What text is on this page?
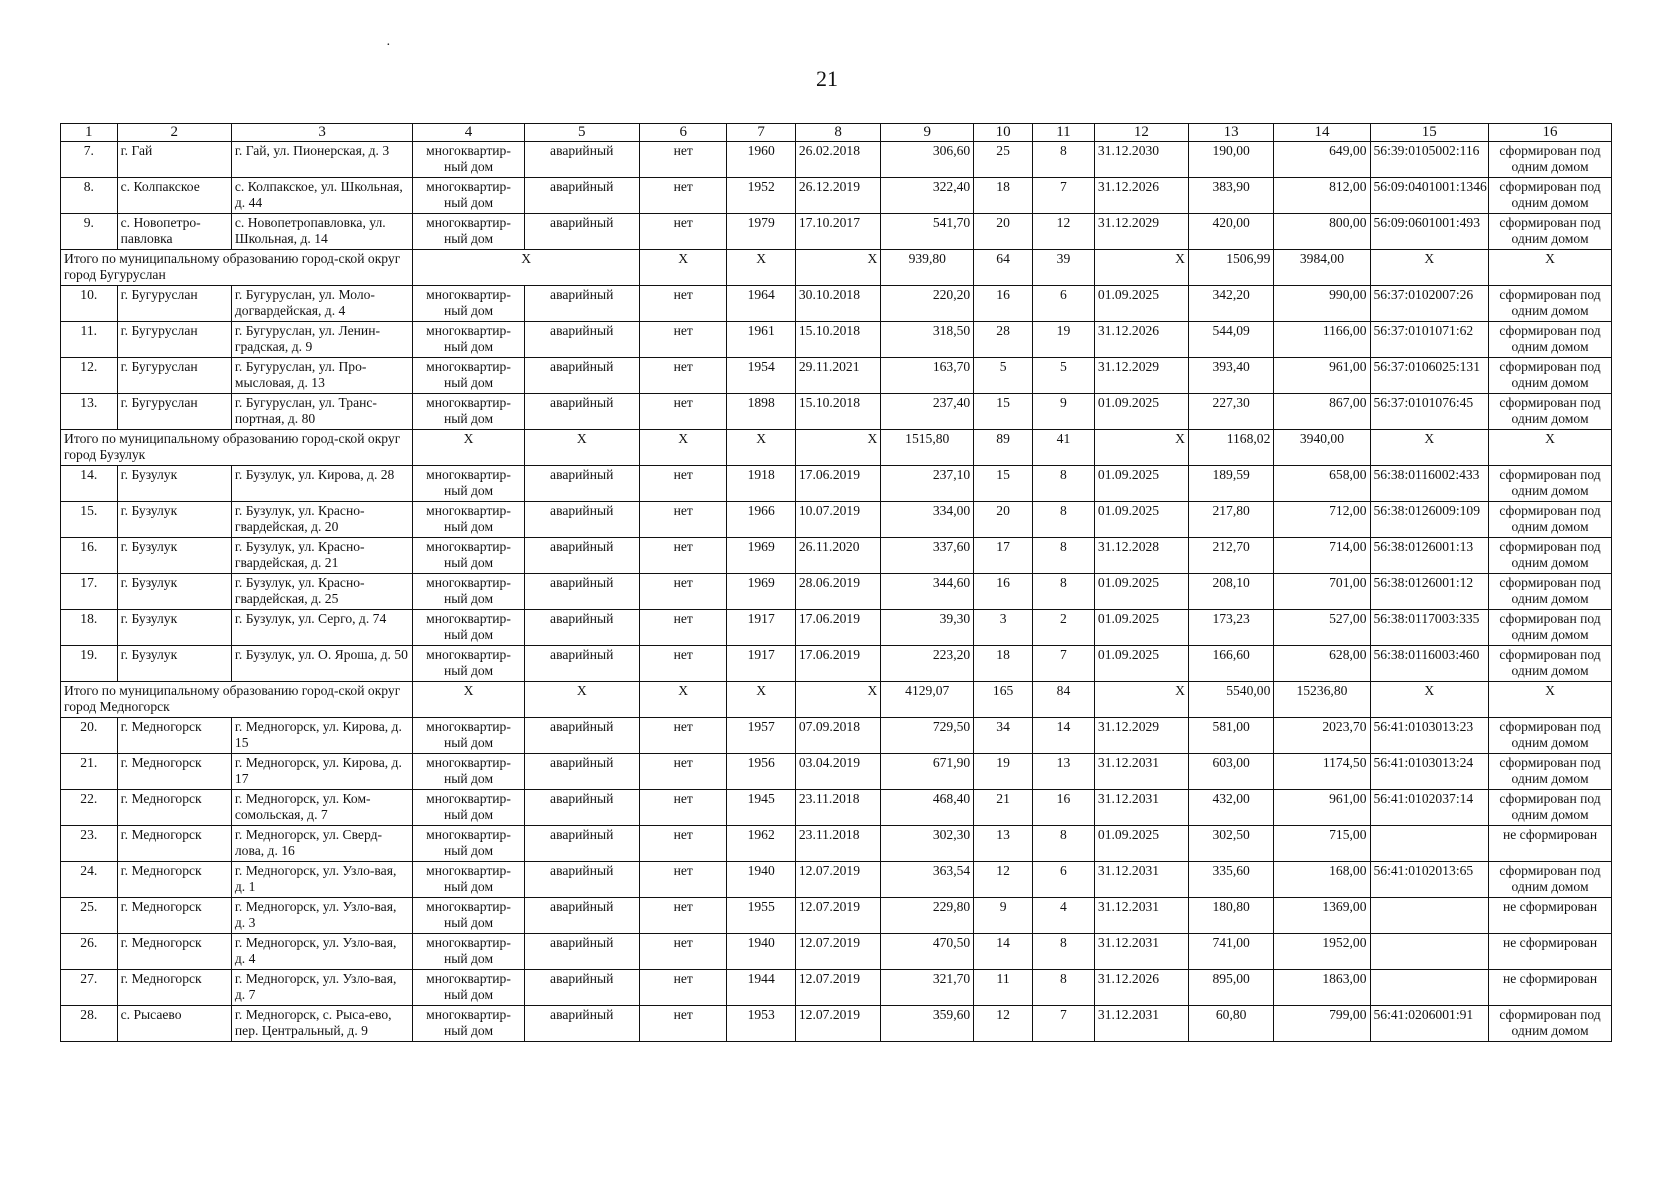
·
21
1	2	3	4	5	6	7	8	9	10	11	12	13	14	15	16
7.	г. Гай	г. Гай, ул. Пионерская, д. 3	многоквартир-ный дом	аварийный	нет	1960	26.02.2018	306,60	25	8	31.12.2030	190,00	649,00	56:39:0105002:116	сформирован под одним домом
8.	с. Колпакское	с. Колпакское, ул. Школьная, д. 44	многоквартир-ный дом	аварийный	нет	1952	26.12.2019	322,40	18	7	31.12.2026	383,90	812,00	56:09:0401001:1346	сформирован под одним домом
9.	с. Новопетро-павловка	с. Новопетропавловка, ул. Школьная, д. 14	многоквартир-ный дом	аварийный	нет	1979	17.10.2017	541,70	20	12	31.12.2029	420,00	800,00	56:09:0601001:493	сформирован под одним домом
Итого по муниципальному образованию город-ской округ город Бугуруслан			Х		Х	Х	Х	939,80	64	39	Х	1506,99	3984,00	Х	Х
10.	г. Бугуруслан	г. Бугуруслан, ул. Моло-догвардейская, д. 4	многоквартир-ный дом	аварийный	нет	1964	30.10.2018	220,20	16	6	01.09.2025	342,20	990,00	56:37:0102007:26	сформирован под одним домом
11.	г. Бугуруслан	г. Бугуруслан, ул. Ленин-градская, д. 9	многоквартир-ный дом	аварийный	нет	1961	15.10.2018	318,50	28	19	31.12.2026	544,09	1166,00	56:37:0101071:62	сформирован под одним домом
12.	г. Бугуруслан	г. Бугуруслан, ул. Про-мысловая, д. 13	многоквартир-ный дом	аварийный	нет	1954	29.11.2021	163,70	5	5	31.12.2029	393,40	961,00	56:37:0106025:131	сформирован под одним домом
13.	г. Бугуруслан	г. Бугуруслан, ул. Транс-портная, д. 80	многоквартир-ный дом	аварийный	нет	1898	15.10.2018	237,40	15	9	01.09.2025	227,30	867,00	56:37:0101076:45	сформирован под одним домом
Итого по муниципальному образованию город-ской округ город Бузулук			Х	Х	Х	Х	Х	1515,80	89	41	Х	1168,02	3940,00	Х	Х
14.	г. Бузулук	г. Бузулук, ул. Кирова, д. 28	многоквартир-ный дом	аварийный	нет	1918	17.06.2019	237,10	15	8	01.09.2025	189,59	658,00	56:38:0116002:433	сформирован под одним домом
15.	г. Бузулук	г. Бузулук, ул. Красно-гвардейская, д. 20	многоквартир-ный дом	аварийный	нет	1966	10.07.2019	334,00	20	8	01.09.2025	217,80	712,00	56:38:0126009:109	сформирован под одним домом
16.	г. Бузулук	г. Бузулук, ул. Красно-гвардейская, д. 21	многоквартир-ный дом	аварийный	нет	1969	26.11.2020	337,60	17	8	31.12.2028	212,70	714,00	56:38:0126001:13	сформирован под одним домом
17.	г. Бузулук	г. Бузулук, ул. Красно-гвардейская, д. 25	многоквартир-ный дом	аварийный	нет	1969	28.06.2019	344,60	16	8	01.09.2025	208,10	701,00	56:38:0126001:12	сформирован под одним домом
18.	г. Бузулук	г. Бузулук, ул. Серго, д. 74	многоквартир-ный дом	аварийный	нет	1917	17.06.2019	39,30	3	2	01.09.2025	173,23	527,00	56:38:0117003:335	сформирован под одним домом
19.	г. Бузулук	г. Бузулук, ул. О. Яроша, д. 50	многоквартир-ный дом	аварийный	нет	1917	17.06.2019	223,20	18	7	01.09.2025	166,60	628,00	56:38:0116003:460	сформирован под одним домом
Итого по муниципальному образованию город-ской округ город Медногорск			Х	Х	Х	Х	Х	4129,07	165	84	Х	5540,00	15236,80	Х	Х
20.	г. Медногорск	г. Медногорск, ул. Кирова, д. 15	многоквартир-ный дом	аварийный	нет	1957	07.09.2018	729,50	34	14	31.12.2029	581,00	2023,70	56:41:0103013:23	сформирован под одним домом
21.	г. Медногорск	г. Медногорск, ул. Кирова, д. 17	многоквартир-ный дом	аварийный	нет	1956	03.04.2019	671,90	19	13	31.12.2031	603,00	1174,50	56:41:0103013:24	сформирован под одним домом
22.	г. Медногорск	г. Медногорск, ул. Ком-сомольская, д. 7	многоквартир-ный дом	аварийный	нет	1945	23.11.2018	468,40	21	16	31.12.2031	432,00	961,00	56:41:0102037:14	сформирован под одним домом
23.	г. Медногорск	г. Медногорск, ул. Сверд-лова, д. 16	многоквартир-ный дом	аварийный	нет	1962	23.11.2018	302,30	13	8	01.09.2025	302,50	715,00		не сформирован
24.	г. Медногорск	г. Медногорск, ул. Узло-вая, д. 1	многоквартир-ный дом	аварийный	нет	1940	12.07.2019	363,54	12	6	31.12.2031	335,60	168,00	56:41:0102013:65	сформирован под одним домом
25.	г. Медногорск	г. Медногорск, ул. Узло-вая, д. 3	многоквартир-ный дом	аварийный	нет	1955	12.07.2019	229,80	9	4	31.12.2031	180,80	1369,00		не сформирован
26.	г. Медногорск	г. Медногорск, ул. Узло-вая, д. 4	многоквартир-ный дом	аварийный	нет	1940	12.07.2019	470,50	14	8	31.12.2031	741,00	1952,00		не сформирован
27.	г. Медногорск	г. Медногорск, ул. Узло-вая, д. 7	многоквартир-ный дом	аварийный	нет	1944	12.07.2019	321,70	11	8	31.12.2026	895,00	1863,00		не сформирован
28.	с. Рысаево	г. Медногорск, с. Рыса-ево, пер. Центральный, д. 9	многоквартир-ный дом	аварийный	нет	1953	12.07.2019	359,60	12	7	31.12.2031	60,80	799,00	56:41:0206001:91	сформирован под одним домом
